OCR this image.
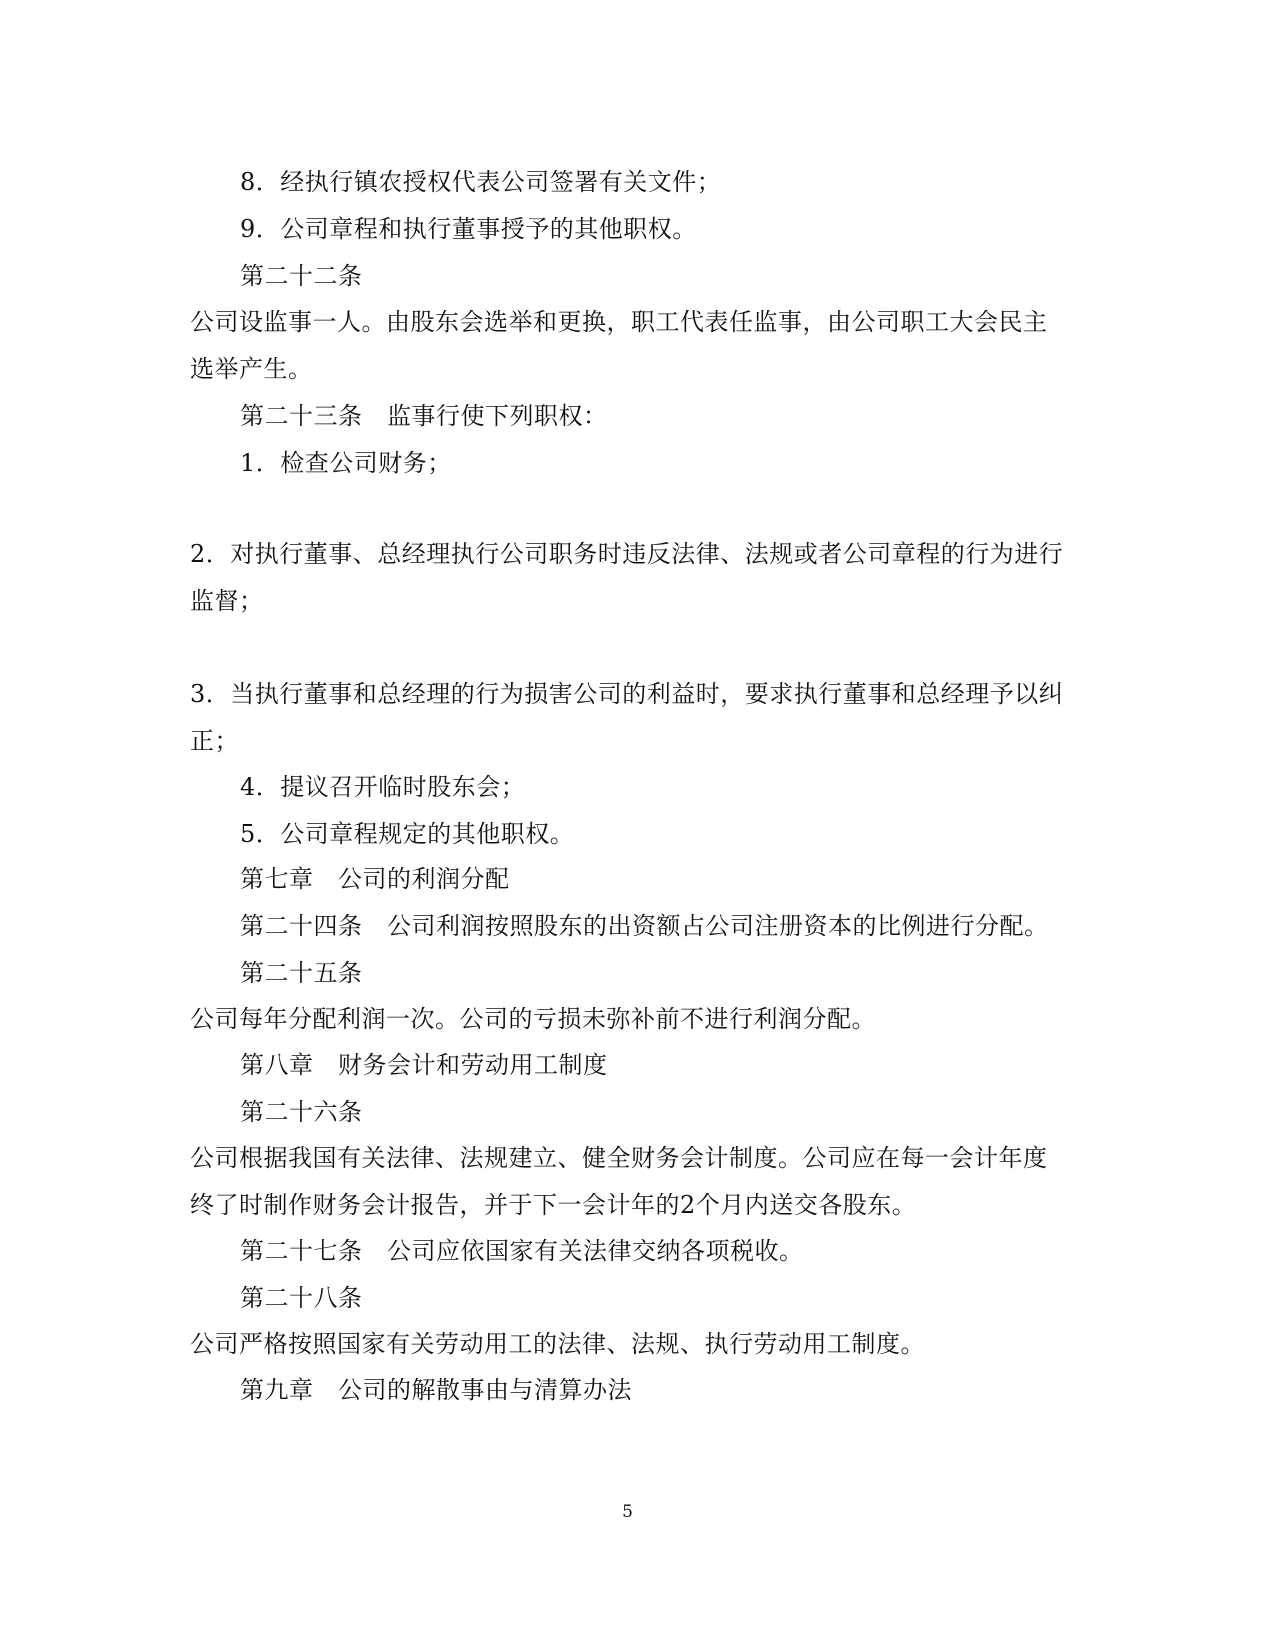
8．经执行镇农授权代表公司签署有关文件；
9．公司章程和执行董事授予的其他职权。
第二十二条
公司设监事一人。由股东会选举和更换，职工代表任监事，由公司职工大会民主
选举产生。
第二十三条　监事行使下列职权：
1．检查公司财务；
2．对执行董事、总经理执行公司职务时违反法律、法规或者公司章程的行为进行
监督；
3．当执行董事和总经理的行为损害公司的利益时，要求执行董事和总经理予以纠
正；
4．提议召开临时股东会；
5．公司章程规定的其他职权。
第七章　公司的利润分配
第二十四条　公司利润按照股东的出资额占公司注册资本的比例进行分配。
第二十五条
公司每年分配利润一次。公司的亏损未弥补前不进行利润分配。
第八章　财务会计和劳动用工制度
第二十六条
公司根据我国有关法律、法规建立、健全财务会计制度。公司应在每一会计年度
终了时制作财务会计报告，并于下一会计年的2个月内送交各股东。
第二十七条　公司应依国家有关法律交纳各项税收。
第二十八条
公司严格按照国家有关劳动用工的法律、法规、执行劳动用工制度。
第九章　公司的解散事由与清算办法
5
